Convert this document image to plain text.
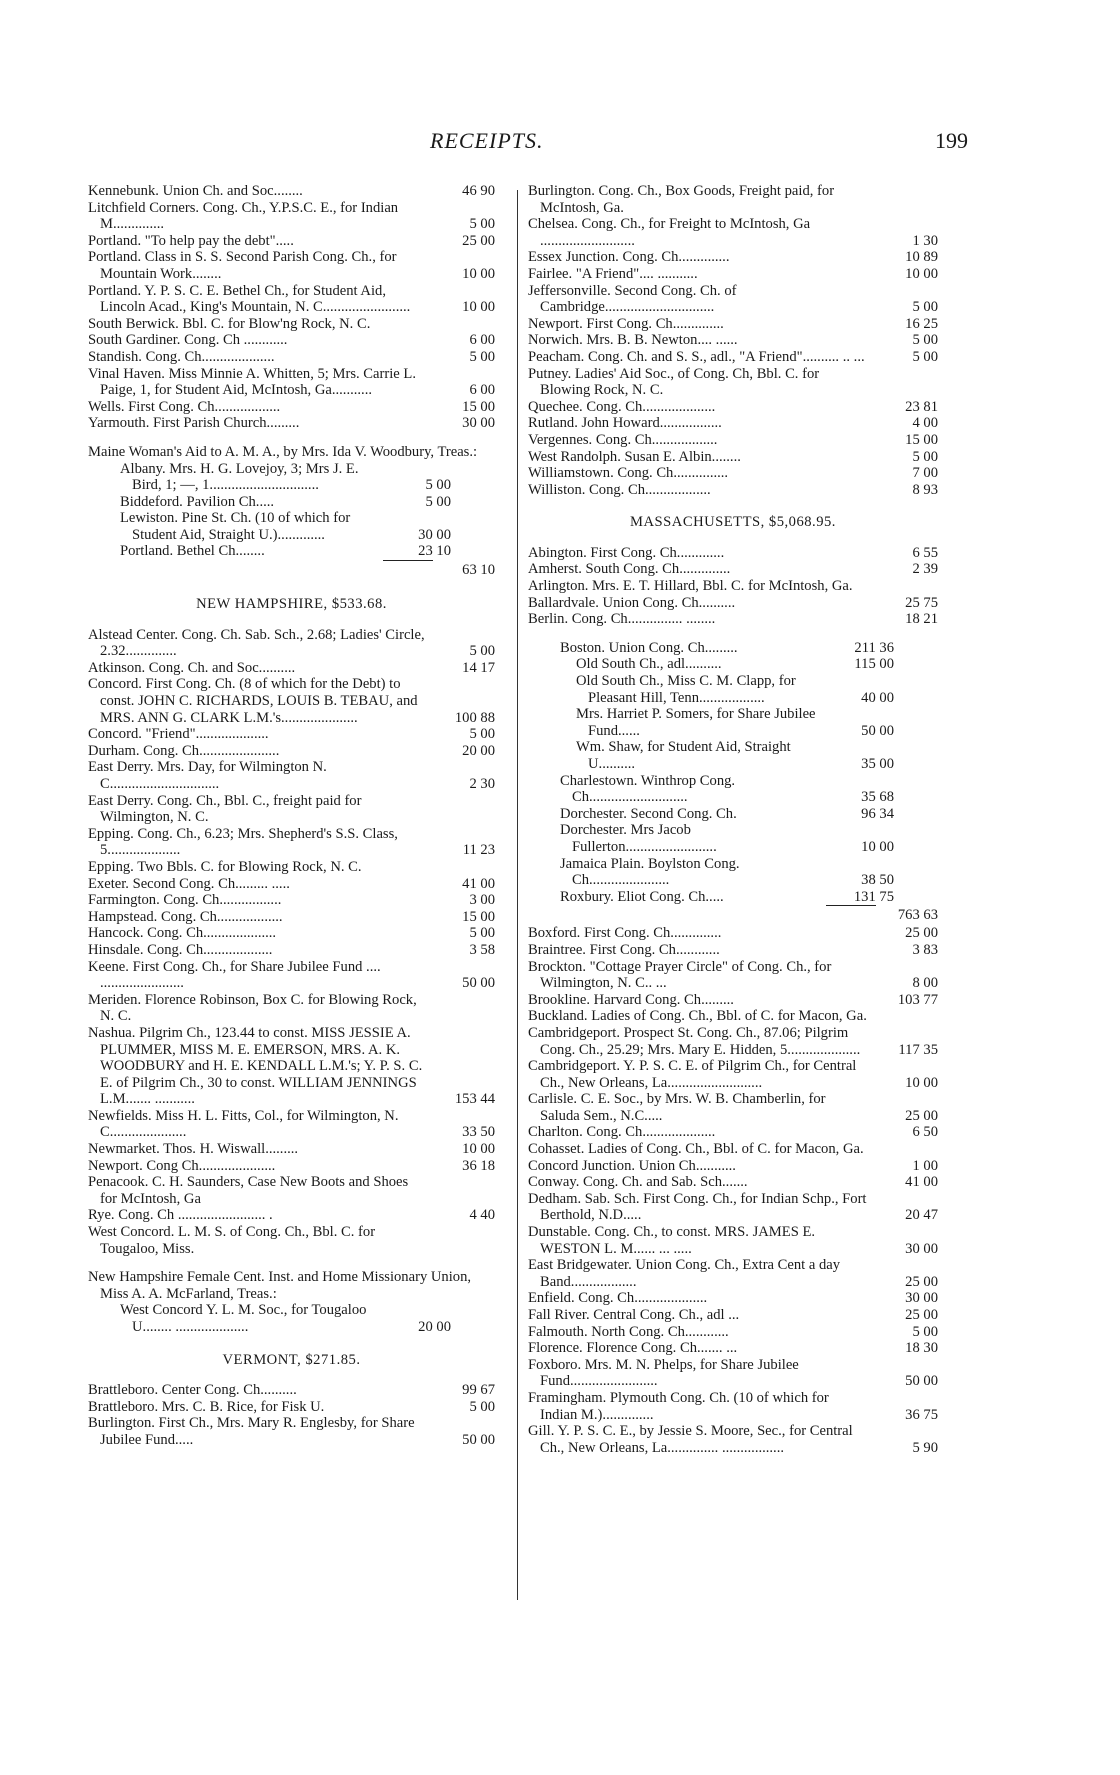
RECEIPTS.	199
Kennebunk. Union Ch. and Soc........	46 90
Litchfield Corners. Cong. Ch., Y.P.S.C. E., for Indian M..............	5 00
Portland. "To help pay the debt".....	25 00
Portland. Class in S. S. Second Parish Cong. Ch., for Mountain Work........	10 00
Portland. Y. P. S. C. E. Bethel Ch., for Student Aid, Lincoln Acad., King's Mountain, N. C........................	10 00
South Berwick. Bbl. C. for Blow'ng Rock, N. C.
South Gardiner. Cong. Ch ............	6 00
Standish. Cong. Ch....................	5 00
Vinal Haven. Miss Minnie A. Whitten, 5; Mrs. Carrie L. Paige, 1, for Student Aid, McIntosh, Ga...........	6 00
Wells. First Cong. Ch..................	15 00
Yarmouth. First Parish Church.........	30 00
Maine Woman's Aid to A. M. A., by Mrs. Ida V. Woodbury, Treas.:
Albany. Mrs. H. G. Lovejoy, 3; Mrs J. E. Bird, 1; —, 1..............................	5 00
Biddeford. Pavilion Ch.....	5 00
Lewiston. Pine St. Ch. (10 of which for Student Aid, Straight U.).............	30 00
Portland. Bethel Ch........	23 10
63 10
NEW HAMPSHIRE, $533.68.
Alstead Center. Cong. Ch. Sab. Sch., 2.68; Ladies' Circle, 2.32..............	5 00
Atkinson. Cong. Ch. and Soc..........	14 17
Concord. First Cong. Ch. (8 of which for the Debt) to const. JOHN C. RICHARDS, LOUIS B. TEBAU, and MRS. ANN G. CLARK L.M.'s.....................	100 88
Concord. "Friend"....................	5 00
Durham. Cong. Ch......................	20 00
East Derry. Mrs. Day, for Wilmington N. C..............................	2 30
East Derry. Cong. Ch., Bbl. C., freight paid for Wilmington, N. C.
Epping. Cong. Ch., 6.23; Mrs. Shepherd's S.S. Class, 5....................	11 23
Epping. Two Bbls. C. for Blowing Rock, N. C.
Exeter. Second Cong. Ch......... .....	41 00
Farmington. Cong. Ch.................	3 00
Hampstead. Cong. Ch..................	15 00
Hancock. Cong. Ch....................	5 00
Hinsdale. Cong. Ch...................	3 58
Keene. First Cong. Ch., for Share Jubilee Fund .... .......................	50 00
Meriden. Florence Robinson, Box C. for Blowing Rock, N. C.
Nashua. Pilgrim Ch., 123.44 to const. MISS JESSIE A. PLUMMER, MISS M. E. EMERSON, MRS. A. K. WOODBURY and H. E. KENDALL L.M.'s; Y. P. S. C. E. of Pilgrim Ch., 30 to const. WILLIAM JENNINGS L.M....... ...........	153 44
Newfields. Miss H. L. Fitts, Col., for Wilmington, N. C.....................	33 50
Newmarket. Thos. H. Wiswall.........	10 00
Newport. Cong Ch.....................	36 18
Penacook. C. H. Saunders, Case New Boots and Shoes for McIntosh, Ga
Rye. Cong. Ch ........................ .	4 40
West Concord. L. M. S. of Cong. Ch., Bbl. C. for Tougaloo, Miss.
New Hampshire Female Cent. Inst. and Home Missionary Union, Miss A. A. McFarland, Treas.:
West Concord Y. L. M. Soc., for Tougaloo U........ ....................	20 00
VERMONT, $271.85.
Brattleboro. Center Cong. Ch..........	99 67
Brattleboro. Mrs. C. B. Rice, for Fisk U.	5 00
Burlington. First Ch., Mrs. Mary R. Englesby, for Share Jubilee Fund.....	50 00
Burlington. Cong. Ch., Box Goods, Freight paid, for McIntosh, Ga.
Chelsea. Cong. Ch., for Freight to McIntosh, Ga ..........................	1 30
Essex Junction. Cong. Ch..............	10 89
Fairlee. "A Friend".... ...........	10 00
Jeffersonville. Second Cong. Ch. of Cambridge..............................	5 00
Newport. First Cong. Ch..............	16 25
Norwich. Mrs. B. B. Newton.... ......	5 00
Peacham. Cong. Ch. and S. S., adl., "A Friend".......... .. ...	5 00
Putney. Ladies' Aid Soc., of Cong. Ch, Bbl. C. for Blowing Rock, N. C.
Quechee. Cong. Ch....................	23 81
Rutland. John Howard.................	4 00
Vergennes. Cong. Ch..................	15 00
West Randolph. Susan E. Albin........	5 00
Williamstown. Cong. Ch...............	7 00
Williston. Cong. Ch..................	8 93
MASSACHUSETTS, $5,068.95.
Abington. First Cong. Ch.............	6 55
Amherst. South Cong. Ch..............	2 39
Arlington. Mrs. E. T. Hillard, Bbl. C. for McIntosh, Ga.
Ballardvale. Union Cong. Ch..........	25 75
Berlin. Cong. Ch............... ........	18 21
Boston. Union Cong. Ch.........	211 36
Old South Ch., adl..........	115 00
Old South Ch., Miss C. M. Clapp, for Pleasant Hill, Tenn..................	40 00
Mrs. Harriet P. Somers, for Share Jubilee Fund......	50 00
Wm. Shaw, for Student Aid, Straight U..........	35 00
Charlestown. Winthrop Cong. Ch...........................	35 68
Dorchester. Second Cong. Ch.	96 34
Dorchester. Mrs Jacob Fullerton.........................	10 00
Jamaica Plain. Boylston Cong. Ch......................	38 50
Roxbury. Eliot Cong. Ch.....	131 75
763 63
Boxford. First Cong. Ch..............	25 00
Braintree. First Cong. Ch............	3 83
Brockton. "Cottage Prayer Circle" of Cong. Ch., for Wilmington, N. C.. ...	8 00
Brookline. Harvard Cong. Ch.........	103 77
Buckland. Ladies of Cong. Ch., Bbl. of C. for Macon, Ga.
Cambridgeport. Prospect St. Cong. Ch., 87.06; Pilgrim Cong. Ch., 25.29; Mrs. Mary E. Hidden, 5....................	117 35
Cambridgeport. Y. P. S. C. E. of Pilgrim Ch., for Central Ch., New Orleans, La..........................	10 00
Carlisle. C. E. Soc., by Mrs. W. B. Chamberlin, for Saluda Sem., N.C.....	25 00
Charlton. Cong. Ch....................	6 50
Cohasset. Ladies of Cong. Ch., Bbl. of C. for Macon, Ga.
Concord Junction. Union Ch...........	1 00
Conway. Cong. Ch. and Sab. Sch.......	41 00
Dedham. Sab. Sch. First Cong. Ch., for Indian Schp., Fort Berthold, N.D.....	20 47
Dunstable. Cong. Ch., to const. MRS. JAMES E. WESTON L. M...... ... .....	30 00
East Bridgewater. Union Cong. Ch., Extra Cent a day Band..................	25 00
Enfield. Cong. Ch....................	30 00
Fall River. Central Cong. Ch., adl ...	25 00
Falmouth. North Cong. Ch............	5 00
Florence. Florence Cong. Ch....... ...	18 30
Foxboro. Mrs. M. N. Phelps, for Share Jubilee Fund........................	50 00
Framingham. Plymouth Cong. Ch. (10 of which for Indian M.)..............	36 75
Gill. Y. P. S. C. E., by Jessie S. Moore, Sec., for Central Ch., New Orleans, La.............. .................	5 90
